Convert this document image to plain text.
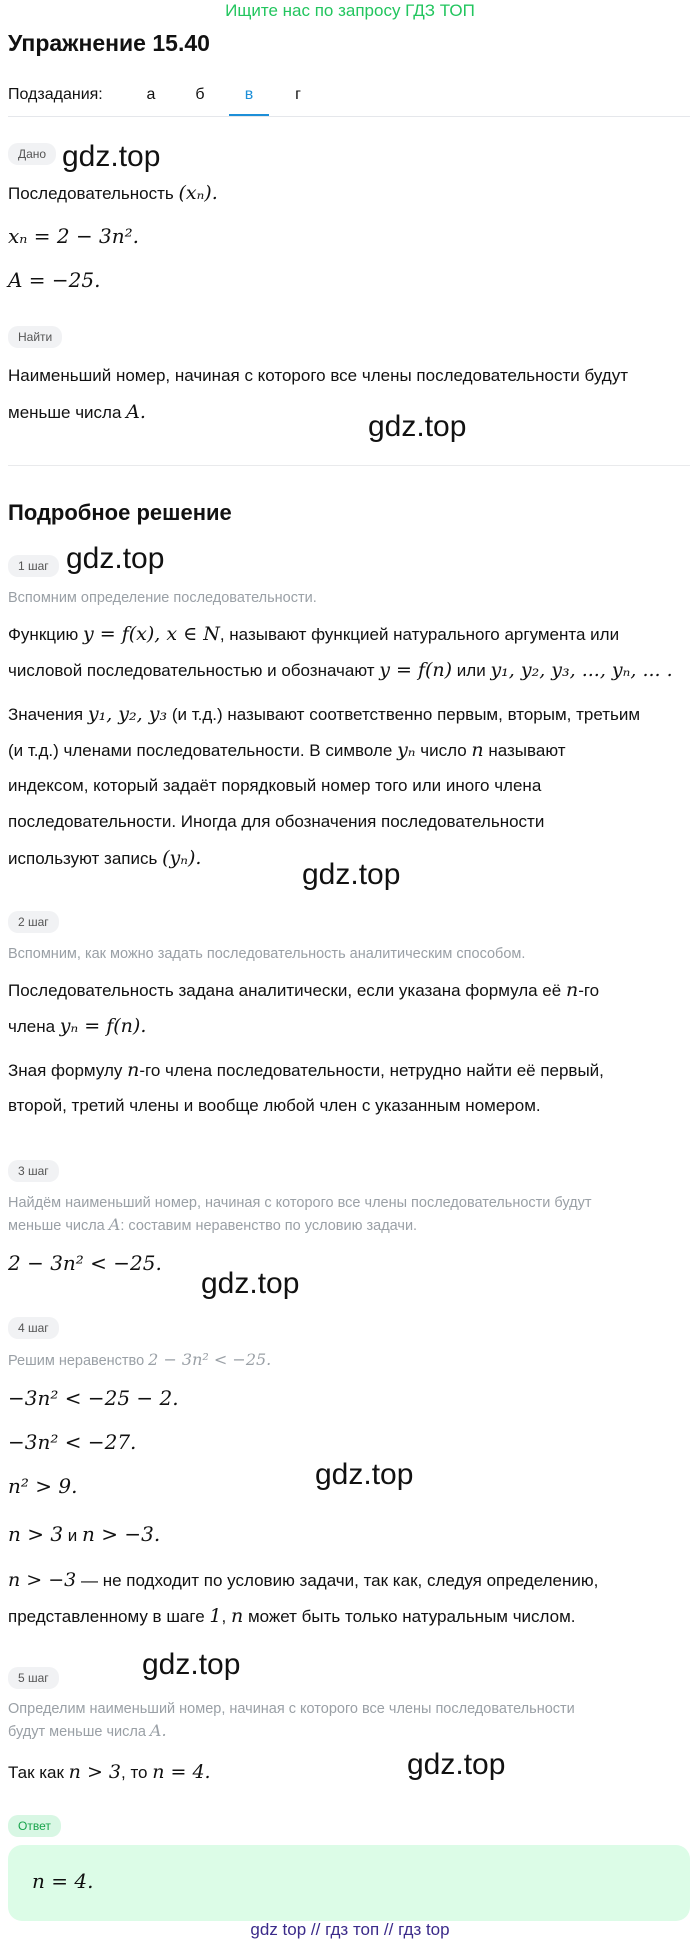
Ищите нас по запросу ГДЗ ТОП
Упражнение 15.40
Подзадания:	а	б	в	г
Дано gdz.top
Последовательность (xₙ).
xₙ = 2 − 3n².
A = −25.
Найти
Наименьший номер, начиная с которого все члены последовательности будут
меньше числа A.	gdz.top
Подробное решение
1 шаг gdz.top
Вспомним определение последовательности.
Функцию y = f(x), x ∈ N, называют функцией натурального аргумента или
числовой последовательностью и обозначают y = f(n) или y₁, y₂, y₃, ..., yₙ, ... .
Значения y₁, y₂, y₃ (и т.д.) называют соответственно первым, вторым, третьим
(и т.д.) членами последовательности. В символе yₙ число n называют
индексом, который задаёт порядковый номер того или иного члена
последовательности. Иногда для обозначения последовательности
используют запись (yₙ).	gdz.top
2 шаг
Вспомним, как можно задать последовательность аналитическим способом.
Последовательность задана аналитически, если указана формула её n-го
члена yₙ = f(n).
Зная формулу n-го члена последовательности, нетрудно найти её первый,
второй, третий члены и вообще любой член с указанным номером.
3 шаг
Найдём наименьший номер, начиная с которого все члены последовательности будут
меньше числа A: составим неравенство по условию задачи.
2 − 3n² < −25.
gdz.top
4 шаг
Решим неравенство 2 − 3n² < −25.
−3n² < −25 − 2.
−3n² < −27.
n² > 9.	gdz.top
n > 3 и n > −3.
n > −3 — не подходит по условию задачи, так как, следуя определению,
представленному в шаге 1, n может быть только натуральным числом.
5 шаг	gdz.top
Определим наименьший номер, начиная с которого все члены последовательности
будут меньше числа A.
Так как n > 3, то n = 4.	gdz.top
Ответ
n = 4.
gdz top // гдз топ // гдз top
